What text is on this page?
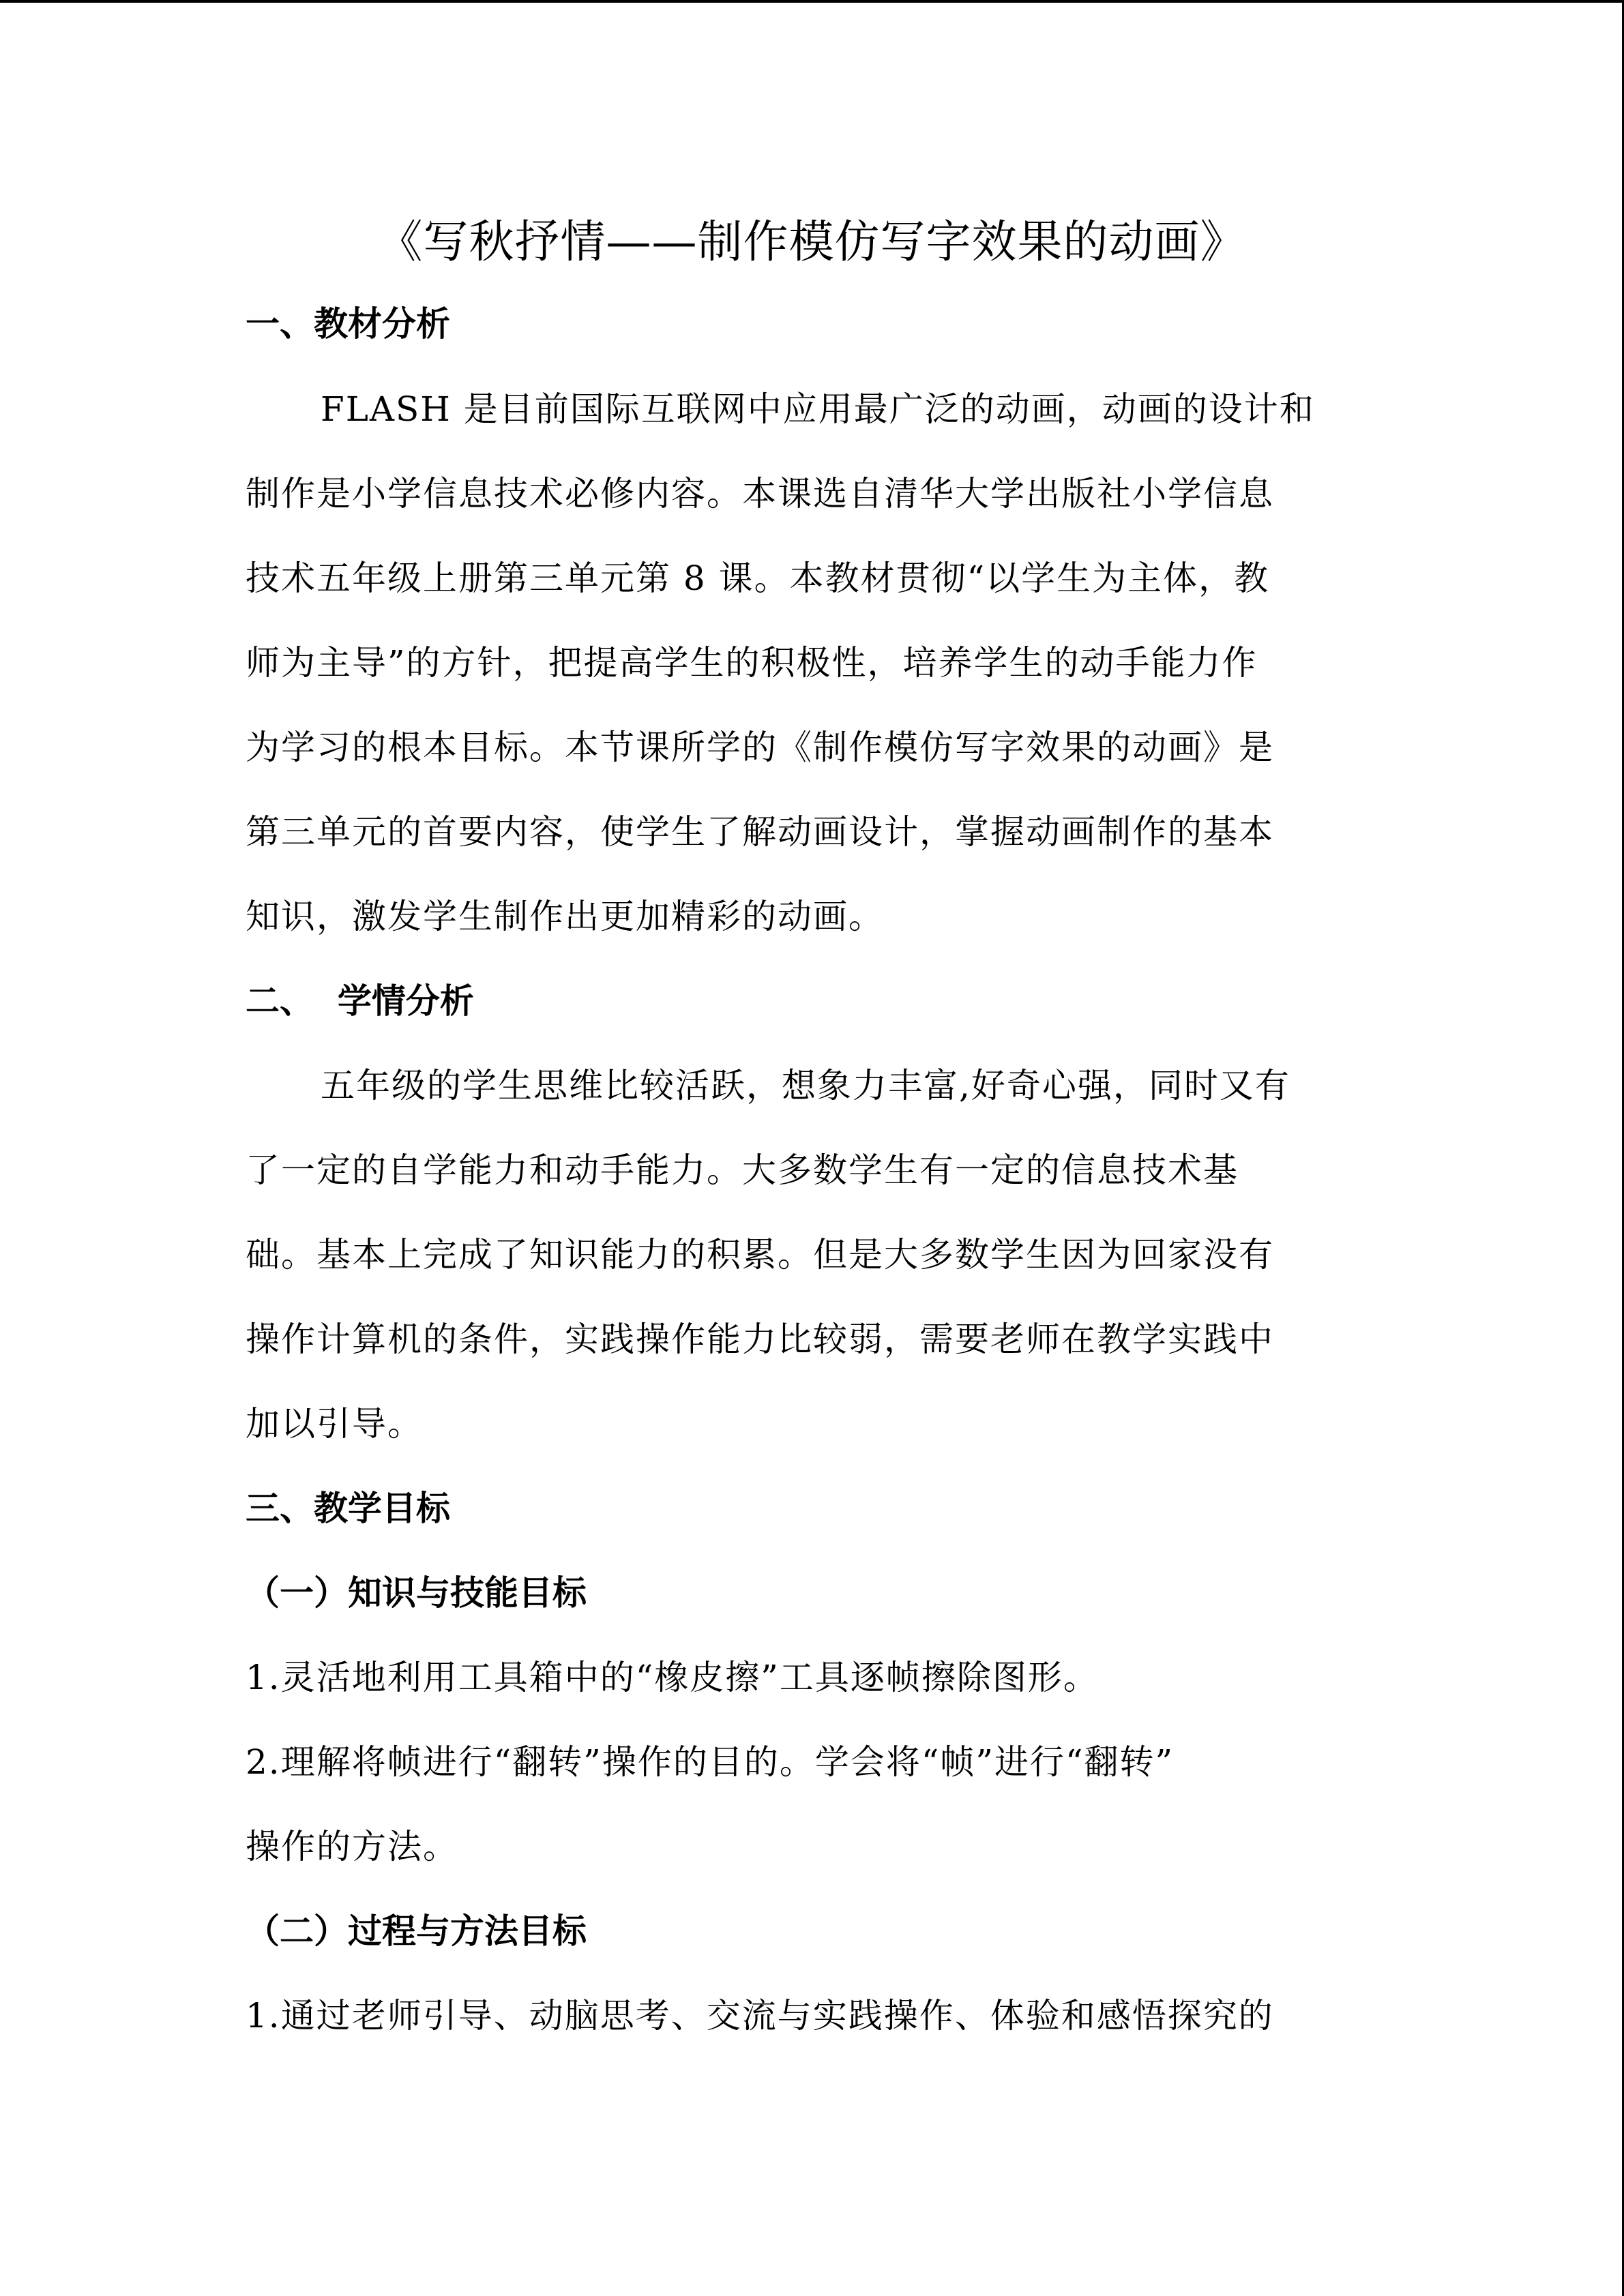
《写秋抒情——制作模仿写字效果的动画》
一、教材分析
FLASH 是目前国际互联网中应用最广泛的动画，动画的设计和
制作是小学信息技术必修内容。本课选自清华大学出版社小学信息
技术五年级上册第三单元第 8 课。本教材贯彻“以学生为主体，教
师为主导”的方针，把提高学生的积极性，培养学生的动手能力作
为学习的根本目标。本节课所学的《制作模仿写字效果的动画》是
第三单元的首要内容，使学生了解动画设计，掌握动画制作的基本
知识，激发学生制作出更加精彩的动画。
二、  学情分析
五年级的学生思维比较活跃，想象力丰富,好奇心强，同时又有
了一定的自学能力和动手能力。大多数学生有一定的信息技术基
础。基本上完成了知识能力的积累。但是大多数学生因为回家没有
操作计算机的条件，实践操作能力比较弱，需要老师在教学实践中
加以引导。
三、教学目标
（一）知识与技能目标
1.灵活地利用工具箱中的“橡皮擦”工具逐帧擦除图形。
2.理解将帧进行“翻转”操作的目的。学会将“帧”进行“翻转”
操作的方法。
（二）过程与方法目标
1.通过老师引导、动脑思考、交流与实践操作、体验和感悟探究的
